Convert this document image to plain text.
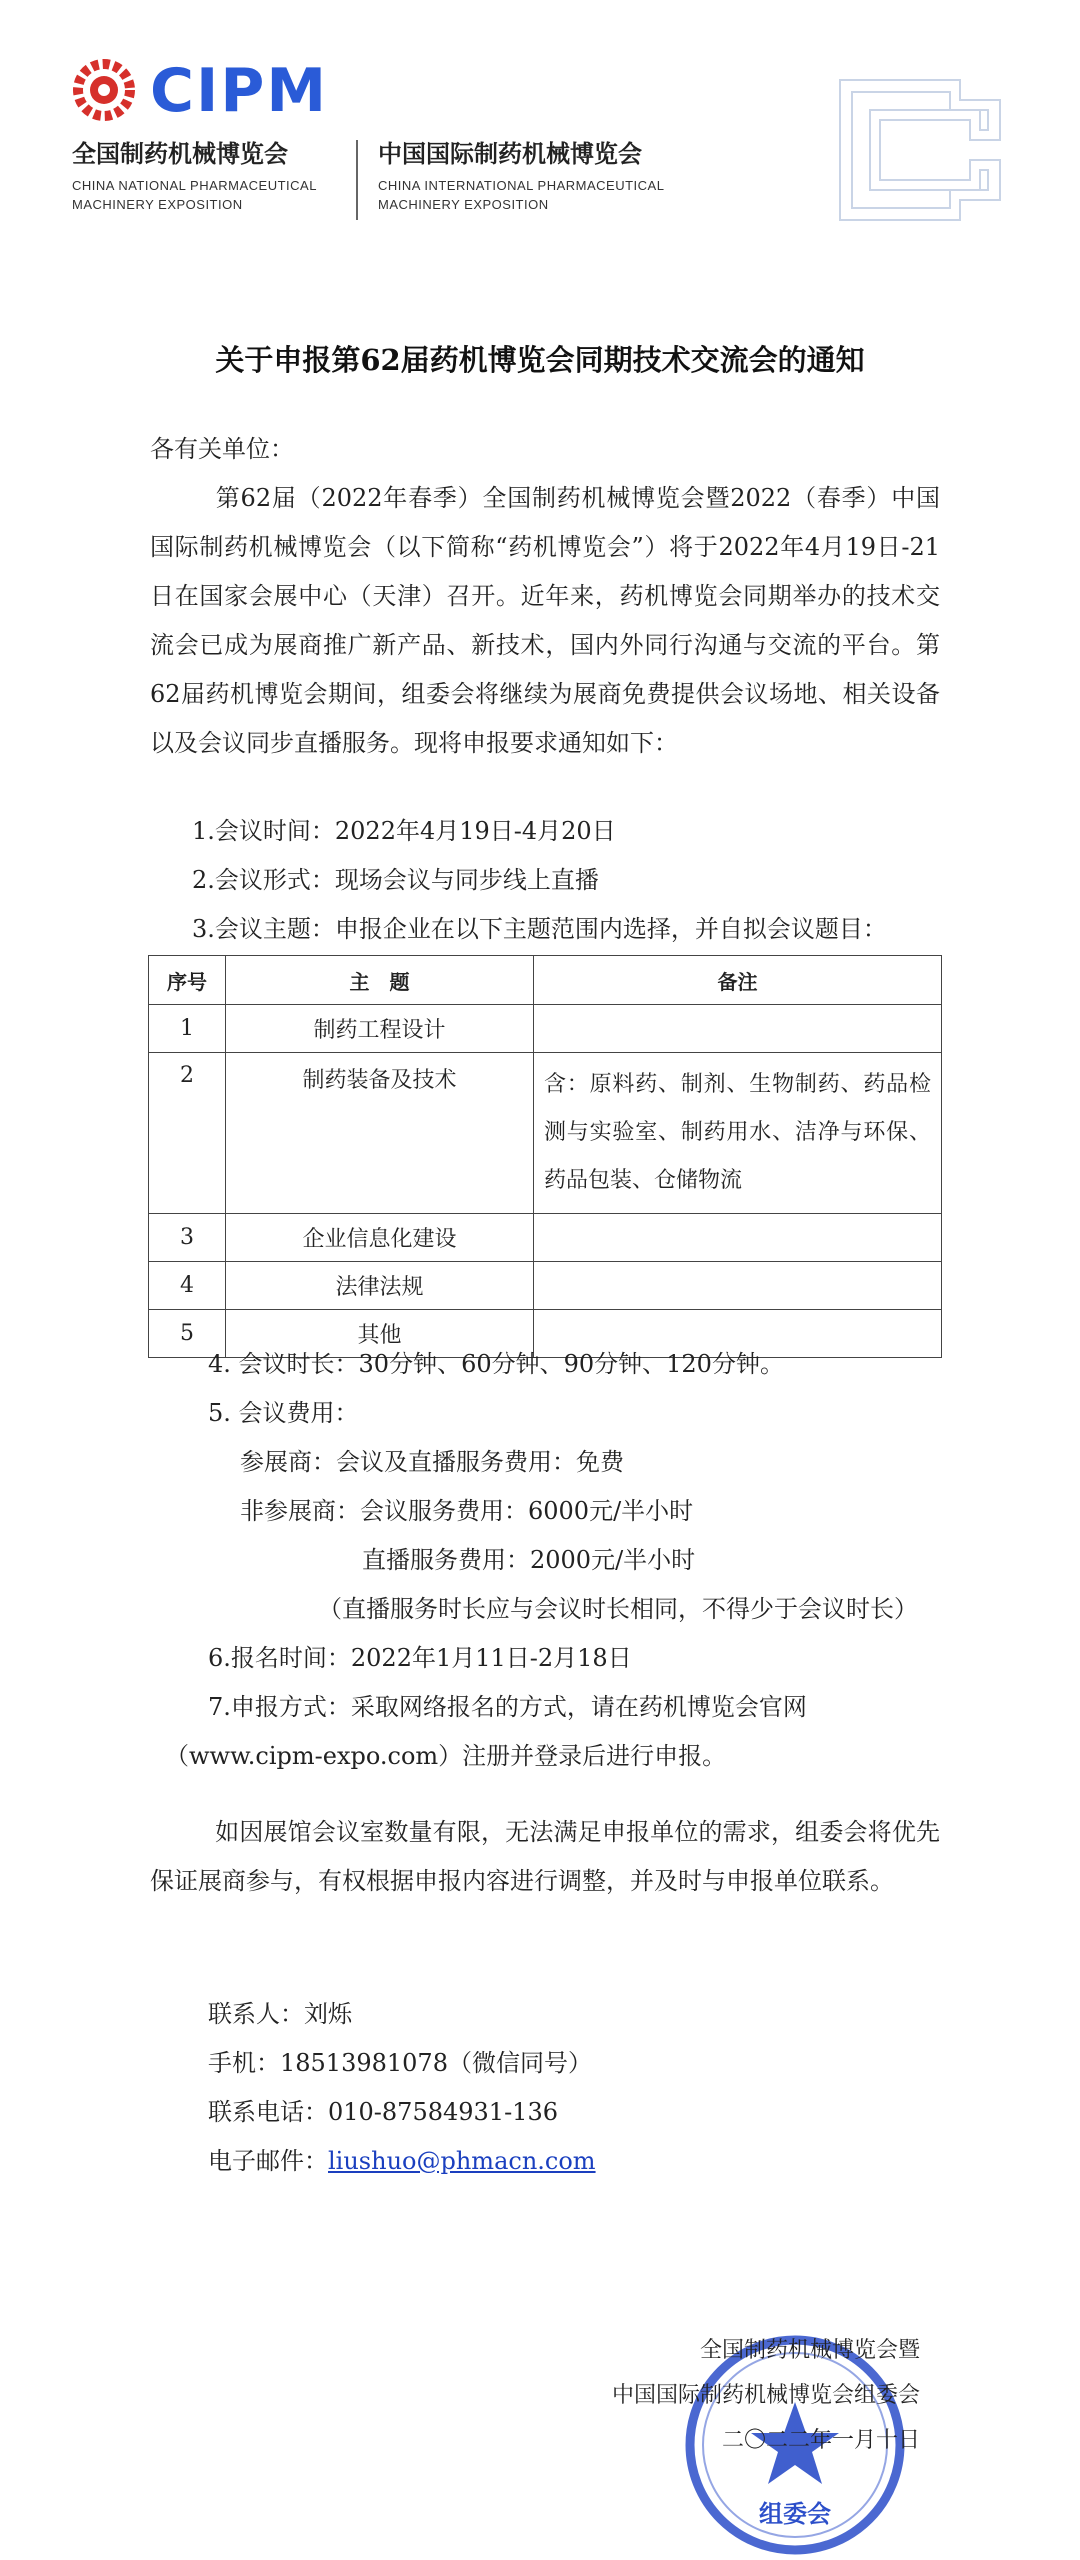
CIPM
全国制药机械博览会
CHINA NATIONAL PHARMACEUTICAL
MACHINERY EXPOSITION
中国国际制药机械博览会
CHINA INTERNATIONAL PHARMACEUTICAL
MACHINERY EXPOSITION
关于申报第62届药机博览会同期技术交流会的通知
各有关单位：
第62届（2022年春季）全国制药机械博览会暨2022（春季）中国国际制药机械博览会（以下简称“药机博览会”）将于2022年4月19日-21日在国家会展中心（天津）召开。近年来，药机博览会同期举办的技术交流会已成为展商推广新产品、新技术，国内外同行沟通与交流的平台。第62届药机博览会期间，组委会将继续为展商免费提供会议场地、相关设备以及会议同步直播服务。现将申报要求通知如下：
1.会议时间：2022年4月19日-4月20日
2.会议形式：现场会议与同步线上直播
3.会议主题：申报企业在以下主题范围内选择，并自拟会议题目：
序号	主　题	备注
1	制药工程设计	
2	制药装备及技术	含：原料药、制剂、生物制药、药品检测与实验室、制药用水、洁净与环保、药品包装、仓储物流
3	企业信息化建设	
4	法律法规	
5	其他	
4. 会议时长：30分钟、60分钟、90分钟、120分钟。
5. 会议费用：
参展商：会议及直播服务费用：免费
非参展商：会议服务费用：6000元/半小时
直播服务费用：2000元/半小时
（直播服务时长应与会议时长相同，不得少于会议时长）
6.报名时间：2022年1月11日-2月18日
7.申报方式：采取网络报名的方式，请在药机博览会官网
（www.cipm-expo.com）注册并登录后进行申报。
如因展馆会议室数量有限，无法满足申报单位的需求，组委会将优先保证展商参与，有权根据申报内容进行调整，并及时与申报单位联系。
联系人：刘烁
手机：18513981078（微信同号）
联系电话：010-87584931-136
电子邮件：liushuo@phmacn.com
组委会
全国制药机械博览会暨
中国国际制药机械博览会组委会
二〇二二年一月十日
